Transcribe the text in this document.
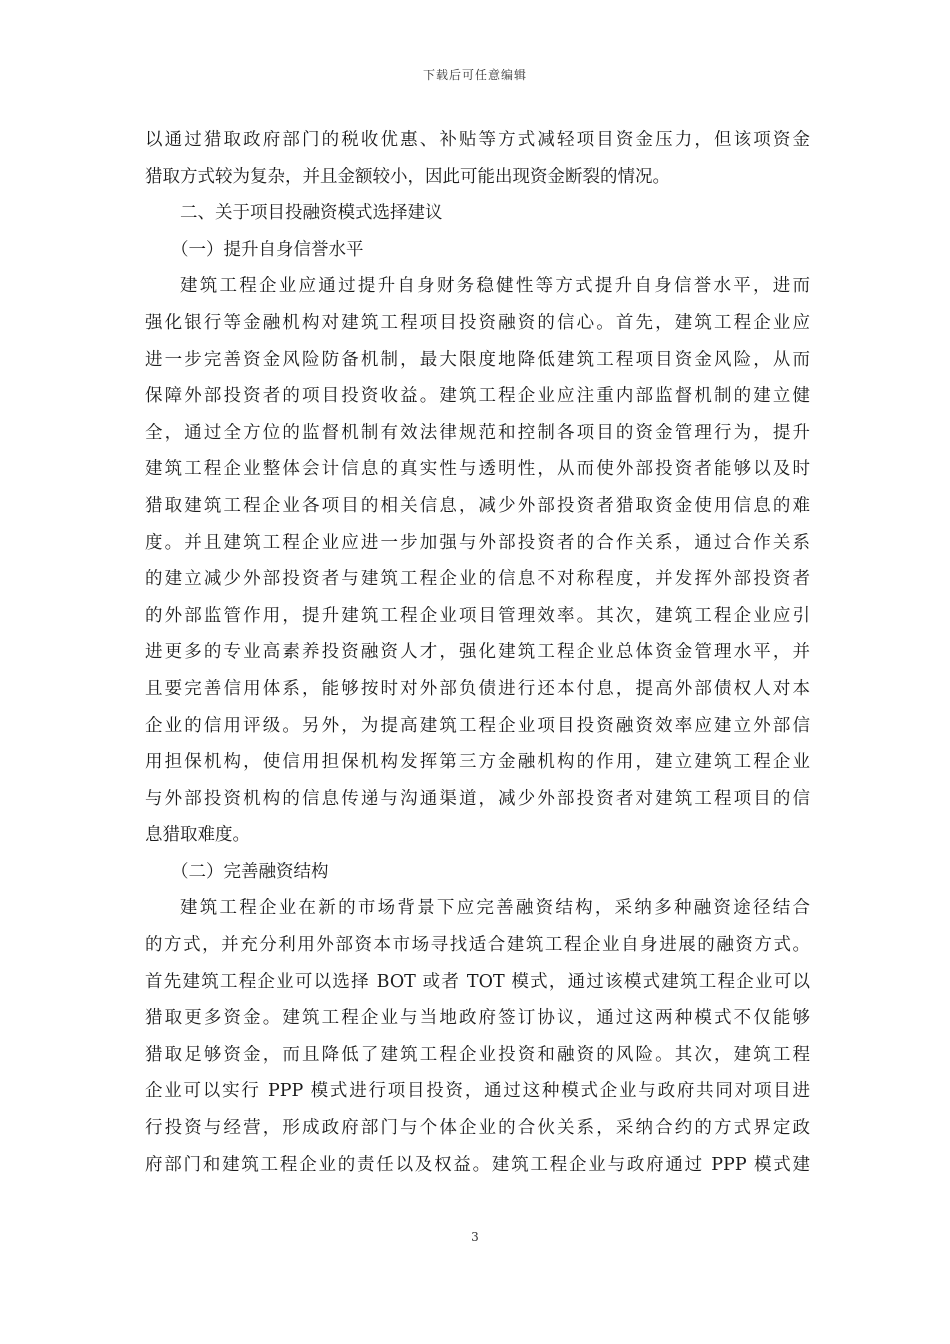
下载后可任意编辑
以通过猎取政府部门的税收优惠、补贴等方式减轻项目资金压力，但该项资金
猎取方式较为复杂，并且金额较小，因此可能出现资金断裂的情况。
二、关于项目投融资模式选择建议
（一）提升自身信誉水平
建筑工程企业应通过提升自身财务稳健性等方式提升自身信誉水平，进而
强化银行等金融机构对建筑工程项目投资融资的信心。首先，建筑工程企业应
进一步完善资金风险防备机制，最大限度地降低建筑工程项目资金风险，从而
保障外部投资者的项目投资收益。建筑工程企业应注重内部监督机制的建立健
全，通过全方位的监督机制有效法律规范和控制各项目的资金管理行为，提升
建筑工程企业整体会计信息的真实性与透明性，从而使外部投资者能够以及时
猎取建筑工程企业各项目的相关信息，减少外部投资者猎取资金使用信息的难
度。并且建筑工程企业应进一步加强与外部投资者的合作关系，通过合作关系
的建立减少外部投资者与建筑工程企业的信息不对称程度，并发挥外部投资者
的外部监管作用，提升建筑工程企业项目管理效率。其次，建筑工程企业应引
进更多的专业高素养投资融资人才，强化建筑工程企业总体资金管理水平，并
且要完善信用体系，能够按时对外部负债进行还本付息，提高外部债权人对本
企业的信用评级。另外，为提高建筑工程企业项目投资融资效率应建立外部信
用担保机构，使信用担保机构发挥第三方金融机构的作用，建立建筑工程企业
与外部投资机构的信息传递与沟通渠道，减少外部投资者对建筑工程项目的信
息猎取难度。
（二）完善融资结构
建筑工程企业在新的市场背景下应完善融资结构，采纳多种融资途径结合
的方式，并充分利用外部资本市场寻找适合建筑工程企业自身进展的融资方式。
首先建筑工程企业可以选择 BOT 或者 TOT 模式，通过该模式建筑工程企业可以
猎取更多资金。建筑工程企业与当地政府签订协议，通过这两种模式不仅能够
猎取足够资金，而且降低了建筑工程企业投资和融资的风险。其次，建筑工程
企业可以实行 PPP 模式进行项目投资，通过这种模式企业与政府共同对项目进
行投资与经营，形成政府部门与个体企业的合伙关系，采纳合约的方式界定政
府部门和建筑工程企业的责任以及权益。建筑工程企业与政府通过 PPP 模式建
3
